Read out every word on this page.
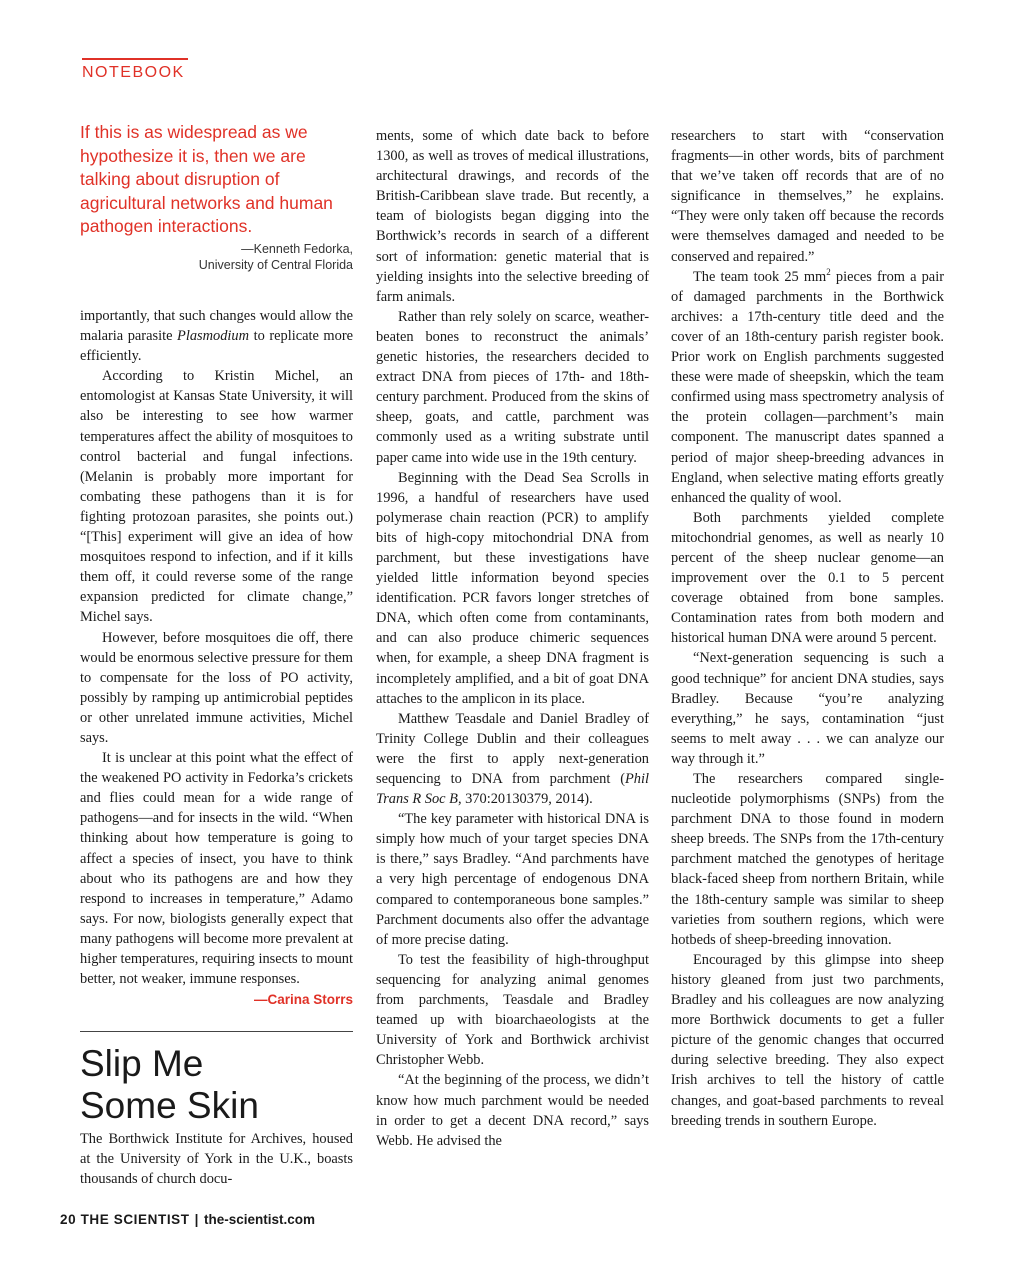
NOTEBOOK
If this is as widespread as we hypothesize it is, then we are talking about disruption of agricultural networks and human pathogen interactions.
—Kenneth Fedorka,
University of Central Florida

importantly, that such changes would allow the malaria parasite Plasmodium to replicate more efficiently.

According to Kristin Michel, an entomologist at Kansas State University, it will also be interesting to see how warmer temperatures affect the ability of mosquitoes to control bacterial and fungal infections. (Melanin is probably more important for combating these pathogens than it is for fighting protozoan parasites, she points out.) “[This] experiment will give an idea of how mosquitoes respond to infection, and if it kills them off, it could reverse some of the range expansion predicted for climate change,” Michel says.

However, before mosquitoes die off, there would be enormous selective pressure for them to compensate for the loss of PO activity, possibly by ramping up antimicrobial peptides or other unrelated immune activities, Michel says.

It is unclear at this point what the effect of the weakened PO activity in Fedorka’s crickets and flies could mean for a wide range of pathogens—and for insects in the wild. “When thinking about how temperature is going to affect a species of insect, you have to think about who its pathogens are and how they respond to increases in temperature,” Adamo says. For now, biologists generally expect that many pathogens will become more prevalent at higher temperatures, requiring insects to mount better, not weaker, immune responses.

—Carina Storrs
Slip Me
Some Skin

The Borthwick Institute for Archives, housed at the University of York in the U.K., boasts thousands of church docu-

ments, some of which date back to before 1300, as well as troves of medical illustrations, architectural drawings, and records of the British-Caribbean slave trade. But recently, a team of biologists began digging into the Borthwick’s records in search of a different sort of information: genetic material that is yielding insights into the selective breeding of farm animals.

Rather than rely solely on scarce, weather-beaten bones to reconstruct the animals’ genetic histories, the researchers decided to extract DNA from pieces of 17th- and 18th-century parchment. Produced from the skins of sheep, goats, and cattle, parchment was commonly used as a writing substrate until paper came into wide use in the 19th century.

Beginning with the Dead Sea Scrolls in 1996, a handful of researchers have used polymerase chain reaction (PCR) to amplify bits of high-copy mitochondrial DNA from parchment, but these investigations have yielded little information beyond species identification. PCR favors longer stretches of DNA, which often come from contaminants, and can also produce chimeric sequences when, for example, a sheep DNA fragment is incompletely amplified, and a bit of goat DNA attaches to the amplicon in its place.

Matthew Teasdale and Daniel Bradley of Trinity College Dublin and their colleagues were the first to apply next-generation sequencing to DNA from parchment (Phil Trans R Soc B, 370:20130379, 2014).

“The key parameter with historical DNA is simply how much of your target species DNA is there,” says Bradley. “And parchments have a very high percentage of endogenous DNA compared to contemporaneous bone samples.” Parchment documents also offer the advantage of more precise dating.

To test the feasibility of high-throughput sequencing for analyzing animal genomes from parchments, Teasdale and Bradley teamed up with bioarchaeologists at the University of York and Borthwick archivist Christopher Webb.

“At the beginning of the process, we didn’t know how much parchment would be needed in order to get a decent DNA record,” says Webb. He advised the

researchers to start with “conservation fragments—in other words, bits of parchment that we’ve taken off records that are of no significance in themselves,” he explains. “They were only taken off because the records were themselves damaged and needed to be conserved and repaired.”

The team took 25 $mm^2$ pieces from a pair of damaged parchments in the Borthwick archives: a 17th-century title deed and the cover of an 18th-century parish register book. Prior work on English parchments suggested these were made of sheepskin, which the team confirmed using mass spectrometry analysis of the protein collagen—parchment’s main component. The manuscript dates spanned a period of major sheep-breeding advances in England, when selective mating efforts greatly enhanced the quality of wool.

Both parchments yielded complete mitochondrial genomes, as well as nearly 10 percent of the sheep nuclear genome—an improvement over the 0.1 to 5 percent coverage obtained from bone samples. Contamination rates from both modern and historical human DNA were around 5 percent.

“Next-generation sequencing is such a good technique” for ancient DNA studies, says Bradley. Because “you’re analyzing everything,” he says, contamination “just seems to melt away . . . we can analyze our way through it.”

The researchers compared single-nucleotide polymorphisms (SNPs) from the parchment DNA to those found in modern sheep breeds. The SNPs from the 17th-century parchment matched the genotypes of heritage black-faced sheep from northern Britain, while the 18th-century sample was similar to sheep varieties from southern regions, which were hotbeds of sheep-breeding innovation.

Encouraged by this glimpse into sheep history gleaned from just two parchments, Bradley and his colleagues are now analyzing more Borthwick documents to get a fuller picture of the genomic changes that occurred during selective breeding. They also expect Irish archives to tell the history of cattle changes, and goat-based parchments to reveal breeding trends in southern Europe.

20 THE SCIENTIST | the-scientist.com
